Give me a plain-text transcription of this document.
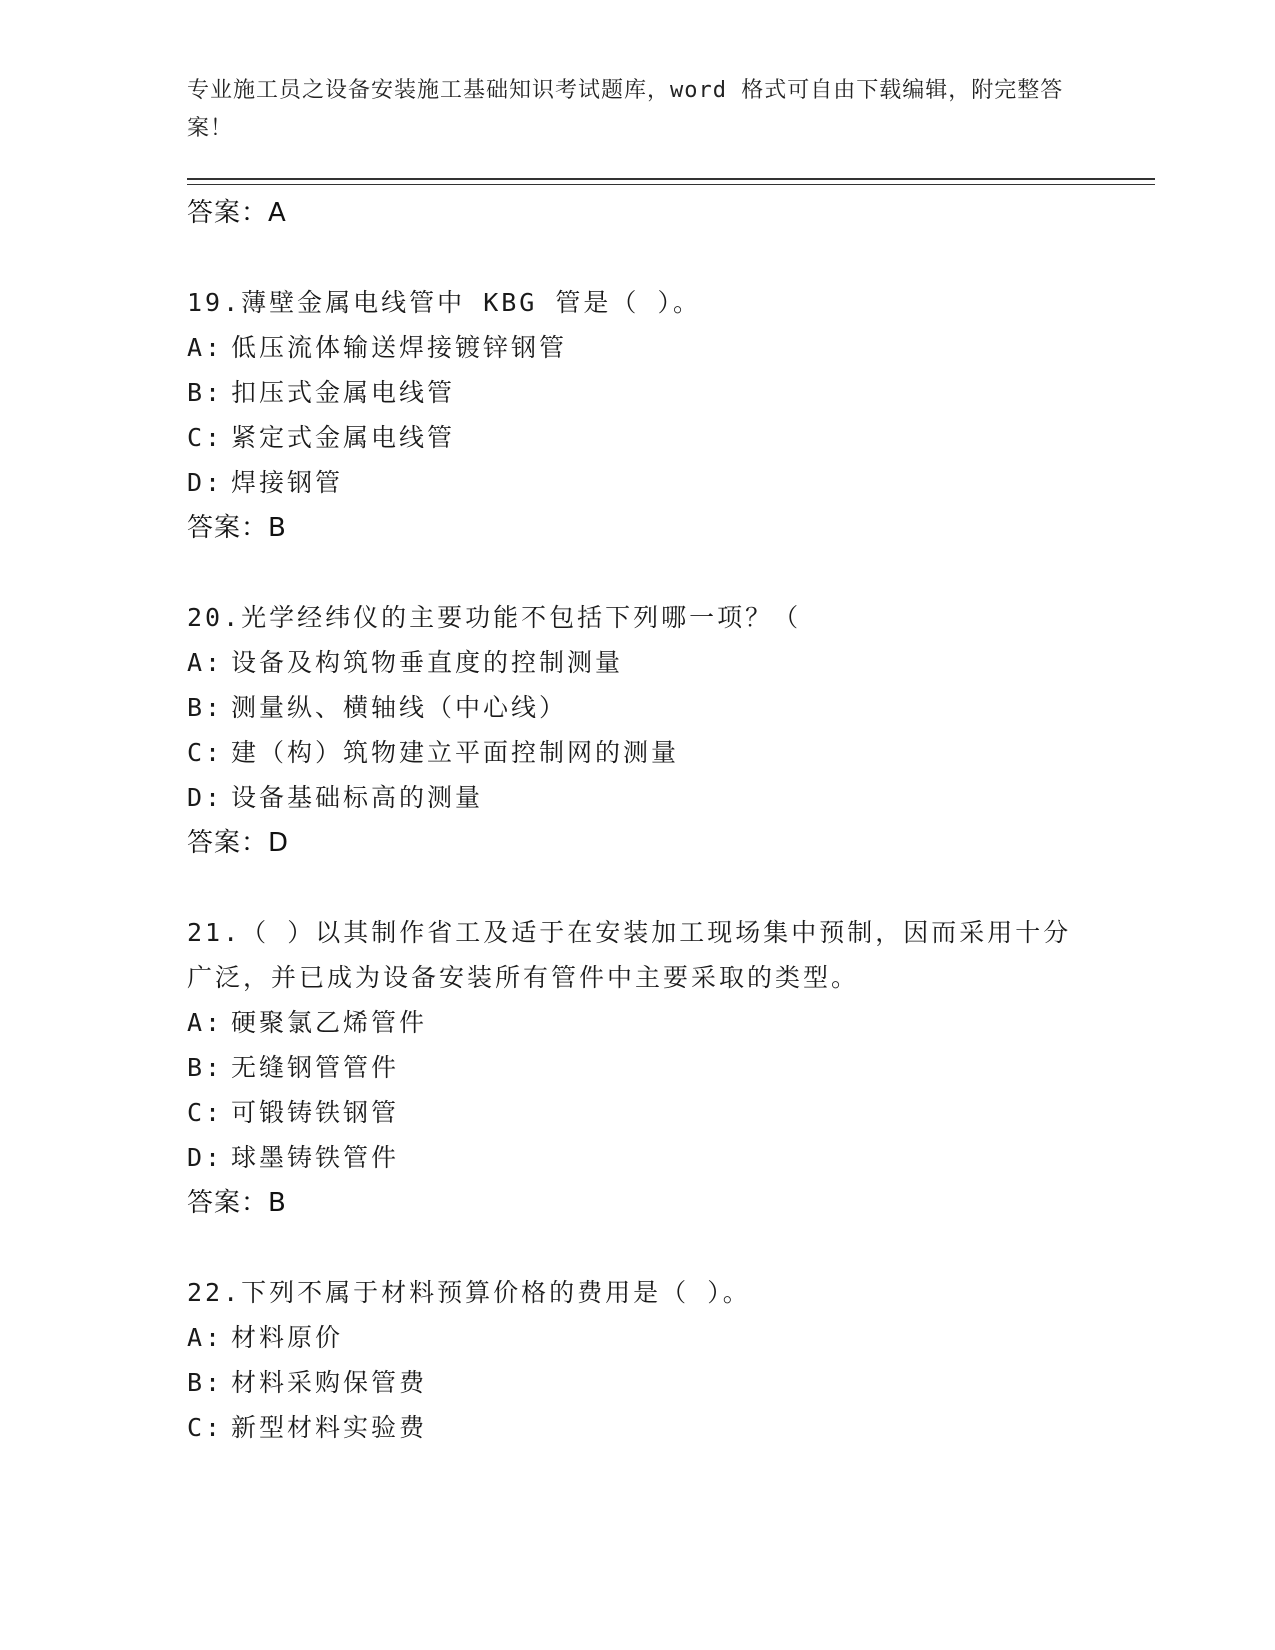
专业施工员之设备安装施工基础知识考试题库，word 格式可自由下载编辑，附完整答案！
答案：A
19.薄壁金属电线管中 KBG 管是（ ）。
A: 低压流体输送焊接镀锌钢管
B: 扣压式金属电线管
C: 紧定式金属电线管
D: 焊接钢管
答案：B
20.光学经纬仪的主要功能不包括下列哪一项？（
A: 设备及构筑物垂直度的控制测量
B: 测量纵、横轴线（中心线）
C: 建（构）筑物建立平面控制网的测量
D: 设备基础标高的测量
答案：D
21.（ ）以其制作省工及适于在安装加工现场集中预制，因而采用十分广泛，并已成为设备安装所有管件中主要采取的类型。
A: 硬聚氯乙烯管件
B: 无缝钢管管件
C: 可锻铸铁钢管
D: 球墨铸铁管件
答案：B
22.下列不属于材料预算价格的费用是（ ）。
A: 材料原价
B: 材料采购保管费
C: 新型材料实验费
